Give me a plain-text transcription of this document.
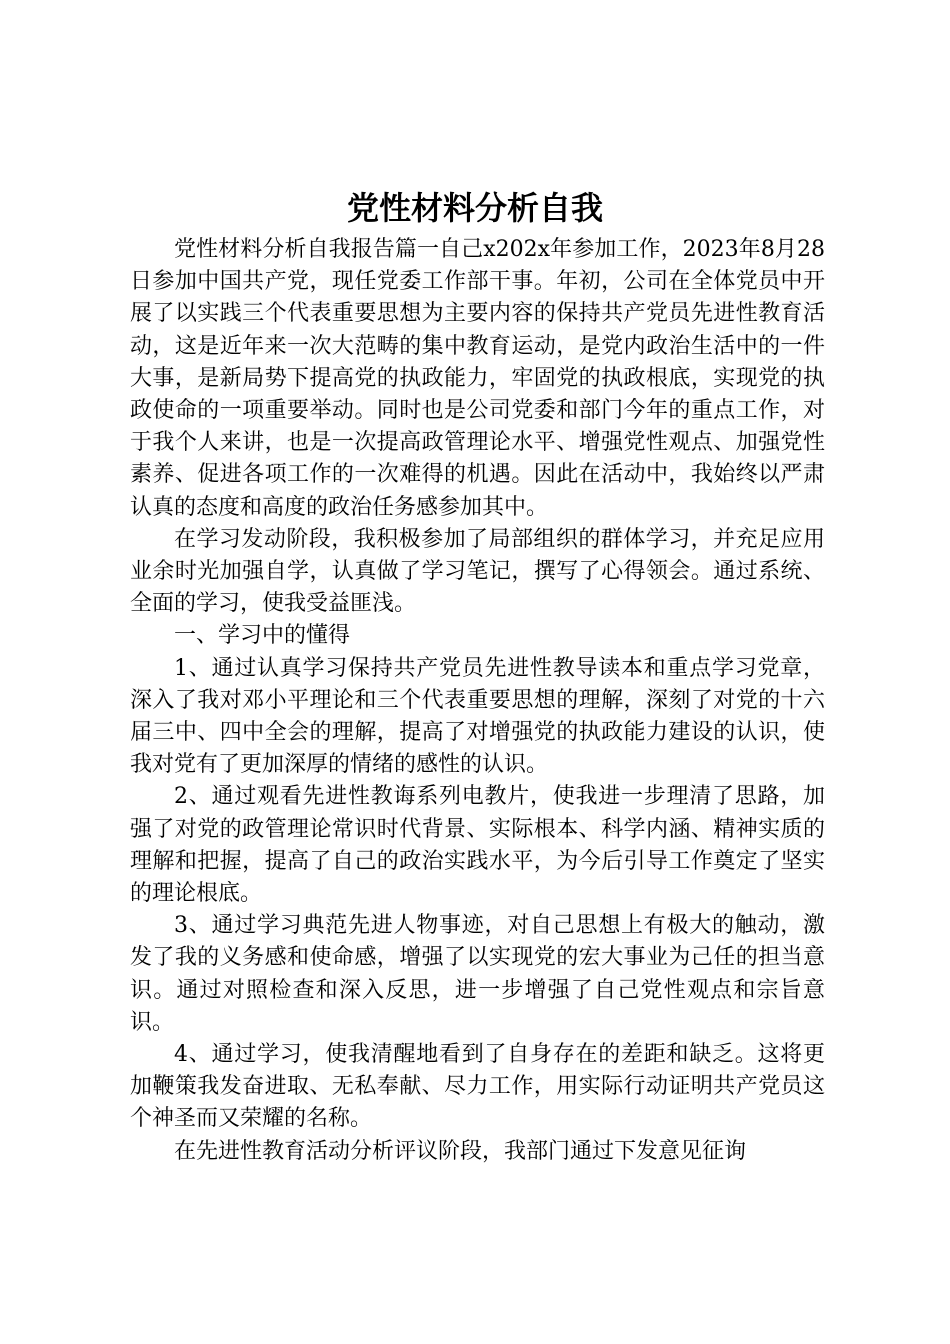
党性材料分析自我

党性材料分析自我报告篇一自己x202x年参加工作，2023年8月28日参加中国共产党，现任党委工作部干事。年初，公司在全体党员中开展了以实践三个代表重要思想为主要内容的保持共产党员先进性教育活动，这是近年来一次大范畴的集中教育运动，是党内政治生活中的一件大事，是新局势下提高党的执政能力，牢固党的执政根底，实现党的执政使命的一项重要举动。同时也是公司党委和部门今年的重点工作，对于我个人来讲，也是一次提高政管理论水平、增强党性观点、加强党性素养、促进各项工作的一次难得的机遇。因此在活动中，我始终以严肃认真的态度和高度的政治任务感参加其中。

在学习发动阶段，我积极参加了局部组织的群体学习，并充足应用业余时光加强自学，认真做了学习笔记，撰写了心得领会。通过系统、全面的学习，使我受益匪浅。

一、学习中的懂得

1、通过认真学习保持共产党员先进性教导读本和重点学习党章，深入了我对邓小平理论和三个代表重要思想的理解，深刻了对党的十六届三中、四中全会的理解，提高了对增强党的执政能力建设的认识，使我对党有了更加深厚的情绪的感性的认识。

2、通过观看先进性教诲系列电教片，使我进一步理清了思路，加强了对党的政管理论常识时代背景、实际根本、科学内涵、精神实质的理解和把握，提高了自己的政治实践水平，为今后引导工作奠定了坚实的理论根底。

3、通过学习典范先进人物事迹，对自己思想上有极大的触动，激发了我的义务感和使命感，增强了以实现党的宏大事业为己任的担当意识。通过对照检查和深入反思，进一步增强了自己党性观点和宗旨意识。

4、通过学习，使我清醒地看到了自身存在的差距和缺乏。这将更加鞭策我发奋进取、无私奉献、尽力工作，用实际行动证明共产党员这个神圣而又荣耀的名称。

在先进性教育活动分析评议阶段，我部门通过下发意见征询
